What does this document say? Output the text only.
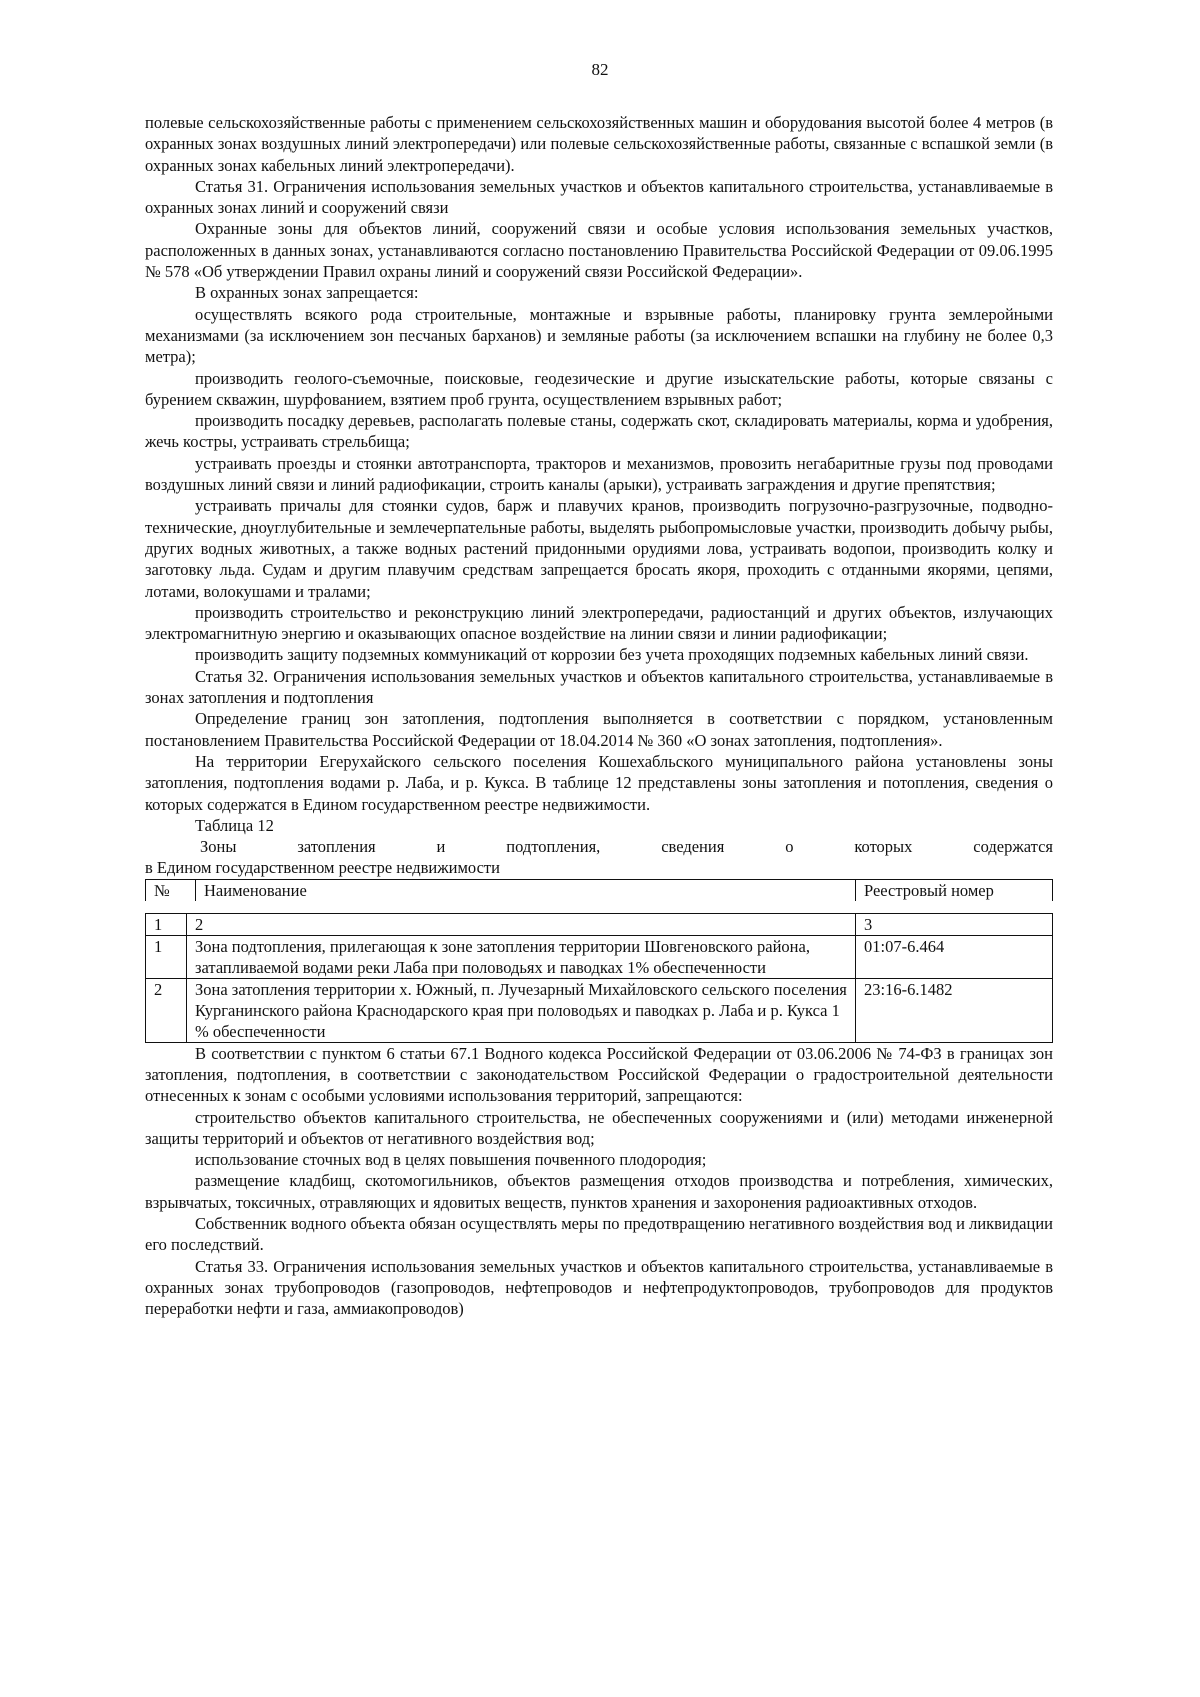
82

полевые сельскохозяйственные работы с применением сельскохозяйственных машин и оборудования высотой более 4 метров (в охранных зонах воздушных линий электропередачи) или полевые сельскохозяйственные работы, связанные с вспашкой земли (в охранных зонах кабельных линий электропередачи).

Статья 31. Ограничения использования земельных участков и объектов капитального строительства, устанавливаемые в охранных зонах линий и сооружений связи

Охранные зоны для объектов линий, сооружений связи и особые условия использования земельных участков, расположенных в данных зонах, устанавливаются согласно постановлению Правительства Российской Федерации от 09.06.1995 № 578 «Об утверждении Правил охраны линий и сооружений связи Российской Федерации».

В охранных зонах запрещается:

осуществлять всякого рода строительные, монтажные и взрывные работы, планировку грунта землеройными механизмами (за исключением зон песчаных барханов) и земляные работы (за исключением вспашки на глубину не более 0,3 метра);

производить геолого-съемочные, поисковые, геодезические и другие изыскательские работы, которые связаны с бурением скважин, шурфованием, взятием проб грунта, осуществлением взрывных работ;

производить посадку деревьев, располагать полевые станы, содержать скот, складировать материалы, корма и удобрения, жечь костры, устраивать стрельбища;

устраивать проезды и стоянки автотранспорта, тракторов и механизмов, провозить негабаритные грузы под проводами воздушных линий связи и линий радиофикации, строить каналы (арыки), устраивать заграждения и другие препятствия;

устраивать причалы для стоянки судов, барж и плавучих кранов, производить погрузочно-разгрузочные, подводно-технические, дноуглубительные и землечерпательные работы, выделять рыбопромысловые участки, производить добычу рыбы, других водных животных, а также водных растений придонными орудиями лова, устраивать водопои, производить колку и заготовку льда. Судам и другим плавучим средствам запрещается бросать якоря, проходить с отданными якорями, цепями, лотами, волокушами и тралами;

производить строительство и реконструкцию линий электропередачи, радиостанций и других объектов, излучающих электромагнитную энергию и оказывающих опасное воздействие на линии связи и линии радиофикации;

производить защиту подземных коммуникаций от коррозии без учета проходящих подземных кабельных линий связи.

Статья 32. Ограничения использования земельных участков и объектов капитального строительства, устанавливаемые в зонах затопления и подтопления

Определение границ зон затопления, подтопления выполняется в соответствии с порядком, установленным постановлением Правительства Российской Федерации от 18.04.2014 № 360 «О зонах затопления, подтопления».

На территории Егерухайского сельского поселения Кошехабльского муниципального района установлены зоны затопления, подтопления водами р. Лаба, и р. Кукса. В таблице 12 представлены зоны затопления и потопления, сведения о которых содержатся в Едином государственном реестре недвижимости.

Таблица 12

Зоны затопления и подтопления, сведения о которых содержатся

в Едином государственном реестре недвижимости

№	Наименование	Реестровый номер
1	2	3
1	Зона подтопления, прилегающая к зоне затопления территории Шовгеновского района, затапливаемой водами реки Лаба при половодьях и паводках 1% обеспеченности	01:07-6.464
2	Зона затопления территории х. Южный, п. Лучезарный Михайловского сельского поселения Курганинского района Краснодарского края при половодьях и паводках р. Лаба и р. Кукса 1 % обеспеченности	23:16-6.1482

В соответствии с пунктом 6 статьи 67.1 Водного кодекса Российской Федерации от 03.06.2006 № 74-ФЗ в границах зон затопления, подтопления, в соответствии с законодательством Российской Федерации о градостроительной деятельности отнесенных к зонам с особыми условиями использования территорий, запрещаются:

строительство объектов капитального строительства, не обеспеченных сооружениями и (или) методами инженерной защиты территорий и объектов от негативного воздействия вод;

использование сточных вод в целях повышения почвенного плодородия;

размещение кладбищ, скотомогильников, объектов размещения отходов производства и потребления, химических, взрывчатых, токсичных, отравляющих и ядовитых веществ, пунктов хранения и захоронения радиоактивных отходов.

Собственник водного объекта обязан осуществлять меры по предотвращению негативного воздействия вод и ликвидации его последствий.

Статья 33. Ограничения использования земельных участков и объектов капитального строительства, устанавливаемые в охранных зонах трубопроводов (газопроводов, нефтепроводов и нефтепродуктопроводов, трубопроводов для продуктов переработки нефти и газа, аммиакопроводов)
